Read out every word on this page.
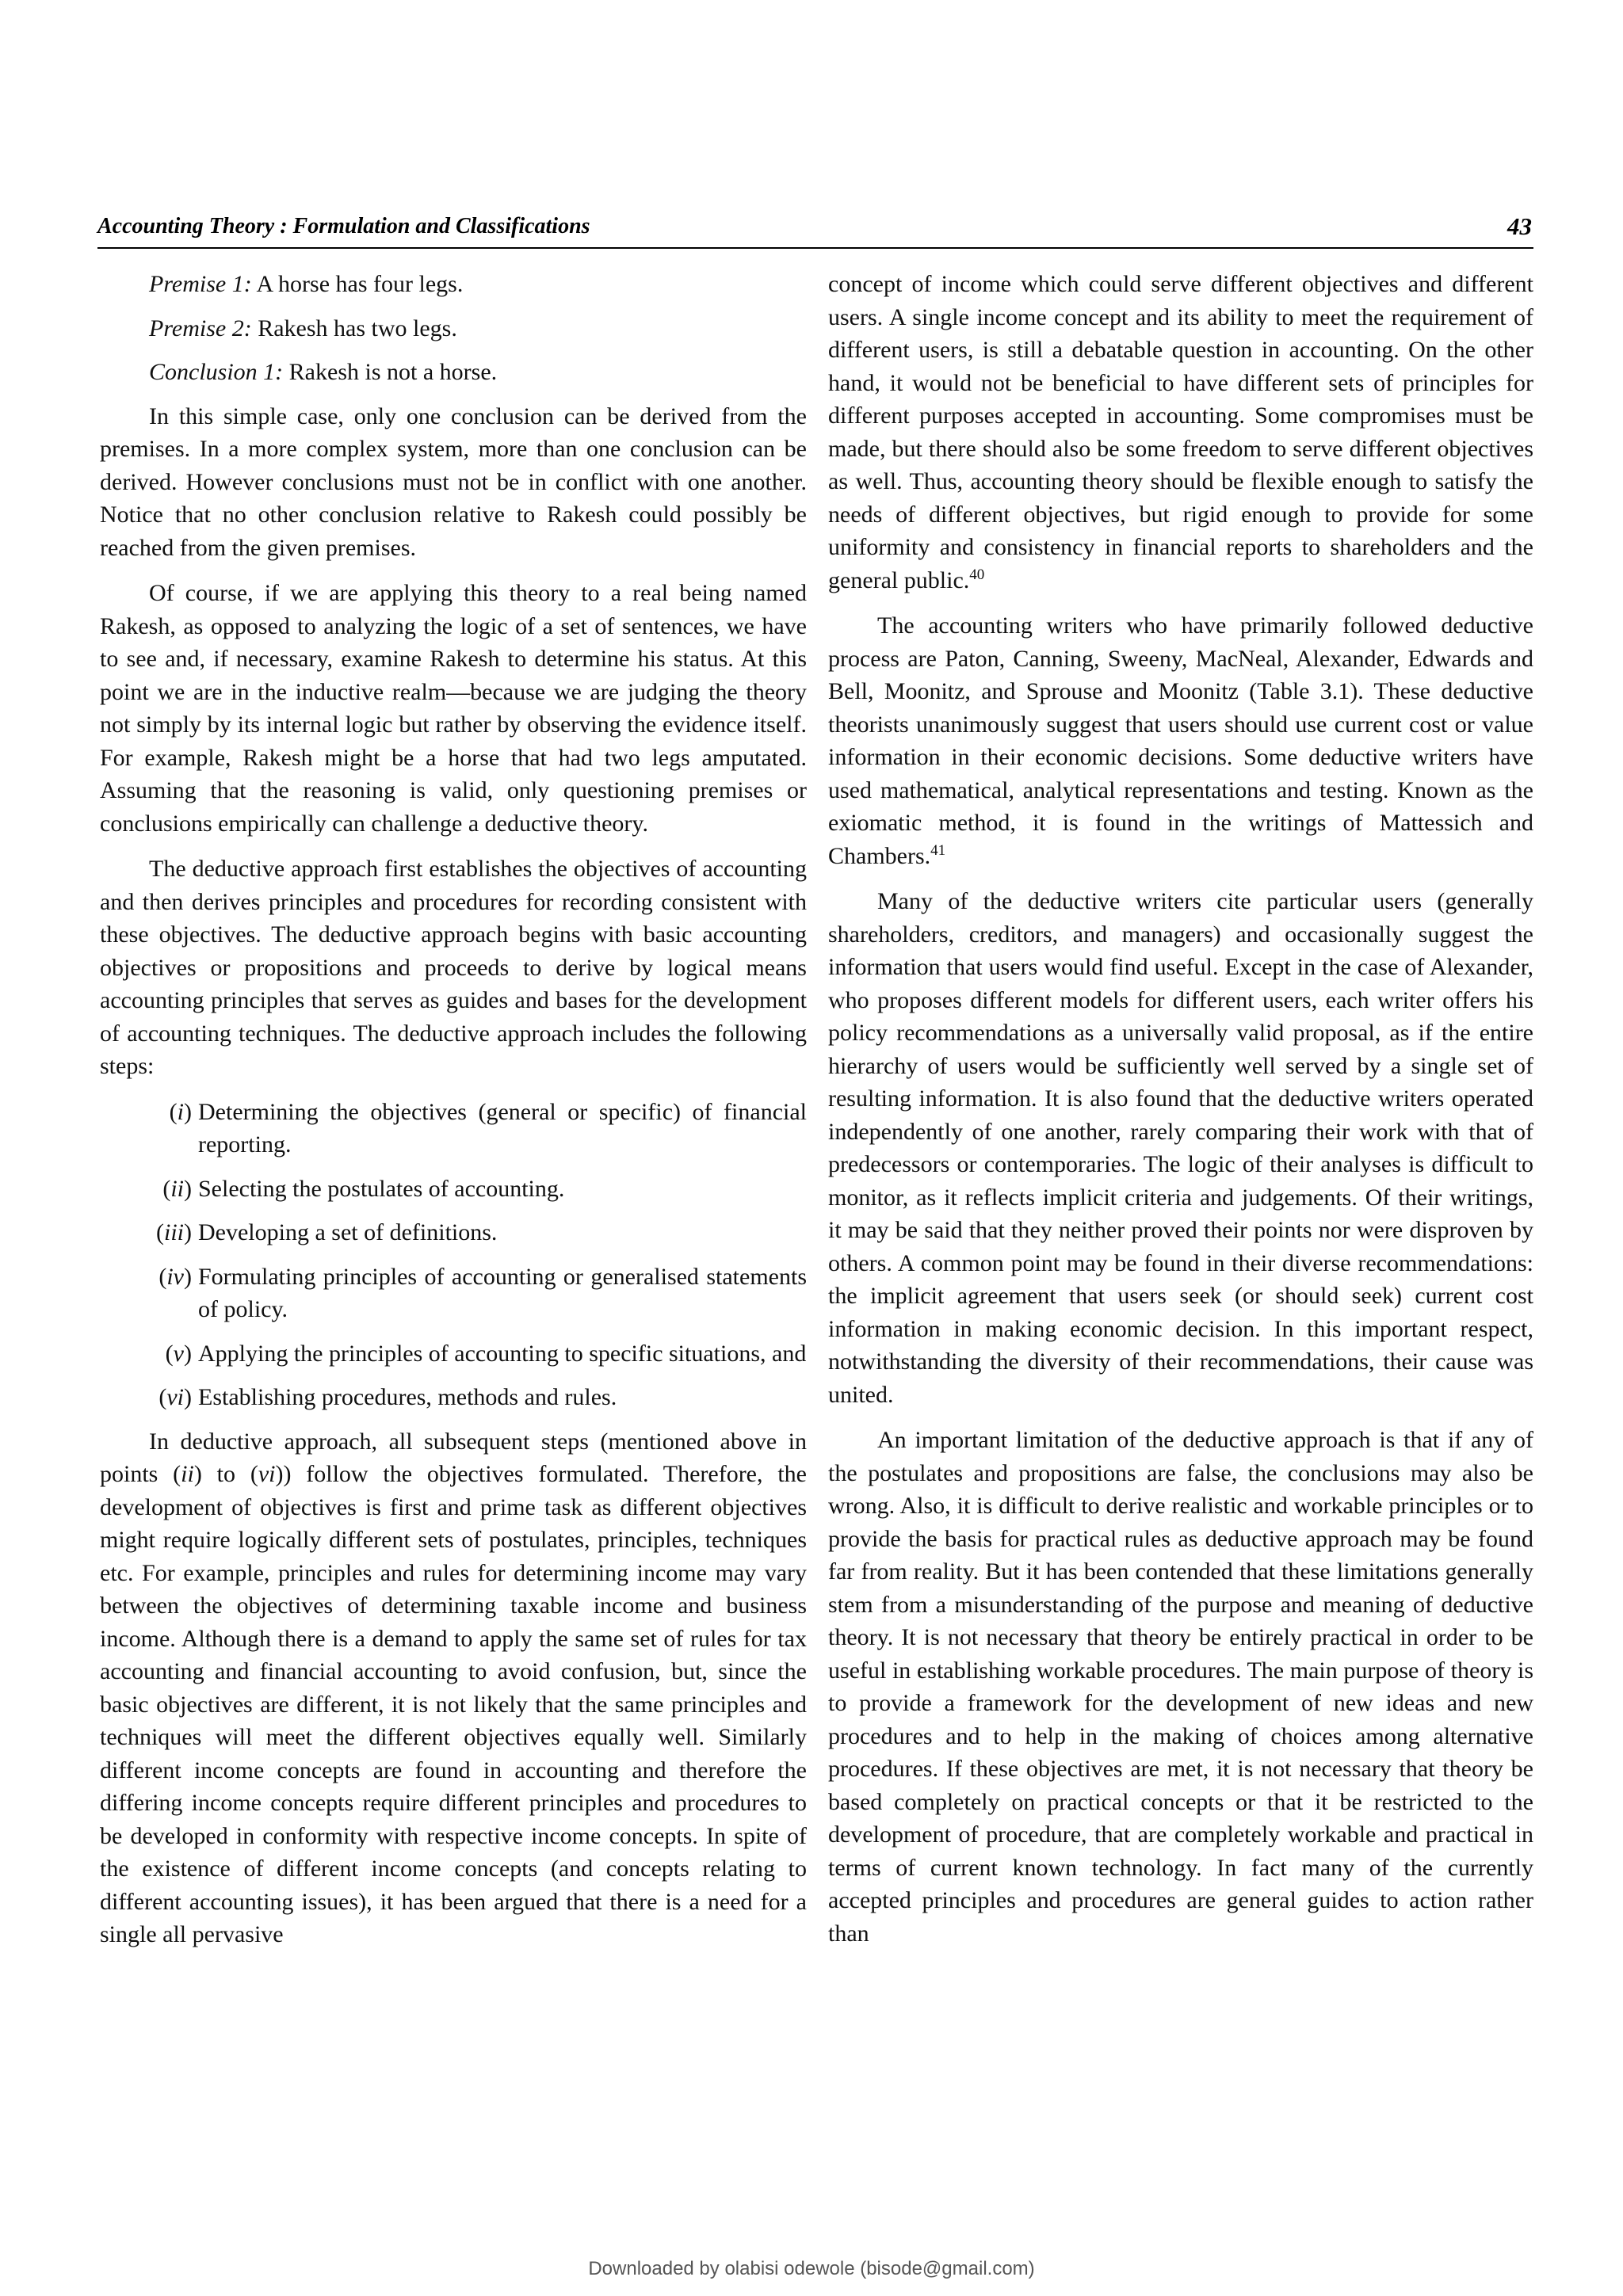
Accounting Theory : Formulation and Classifications	43
Premise 1: A horse has four legs.
Premise 2: Rakesh has two legs.
Conclusion 1: Rakesh is not a horse.

In this simple case, only one conclusion can be derived from the premises. In a more complex system, more than one conclusion can be derived. However conclusions must not be in conflict with one another. Notice that no other conclusion relative to Rakesh could possibly be reached from the given premises.

Of course, if we are applying this theory to a real being named Rakesh, as opposed to analyzing the logic of a set of sentences, we have to see and, if necessary, examine Rakesh to determine his status. At this point we are in the inductive realm—because we are judging the theory not simply by its internal logic but rather by observing the evidence itself. For example, Rakesh might be a horse that had two legs amputated. Assuming that the reasoning is valid, only questioning premises or conclusions empirically can challenge a deductive theory.

The deductive approach first establishes the objectives of accounting and then derives principles and procedures for recording consistent with these objectives. The deductive approach begins with basic accounting objectives or propositions and proceeds to derive by logical means accounting principles that serves as guides and bases for the development of accounting techniques. The deductive approach includes the following steps:

(i) Determining the objectives (general or specific) of financial reporting.
(ii) Selecting the postulates of accounting.
(iii) Developing a set of definitions.
(iv) Formulating principles of accounting or generalised statements of policy.
(v) Applying the principles of accounting to specific situations, and
(vi) Establishing procedures, methods and rules.

In deductive approach, all subsequent steps (mentioned above in points (ii) to (vi)) follow the objectives formulated. Therefore, the development of objectives is first and prime task as different objectives might require logically different sets of postulates, principles, techniques etc. For example, principles and rules for determining income may vary between the objectives of determining taxable income and business income. Although there is a demand to apply the same set of rules for tax accounting and financial accounting to avoid confusion, but, since the basic objectives are different, it is not likely that the same principles and techniques will meet the different objectives equally well. Similarly different income concepts are found in accounting and therefore the differing income concepts require different principles and procedures to be developed in conformity with respective income concepts. In spite of the existence of different income concepts (and concepts relating to different accounting issues), it has been argued that there is a need for a single all pervasive

concept of income which could serve different objectives and different users. A single income concept and its ability to meet the requirement of different users, is still a debatable question in accounting. On the other hand, it would not be beneficial to have different sets of principles for different purposes accepted in accounting. Some compromises must be made, but there should also be some freedom to serve different objectives as well. Thus, accounting theory should be flexible enough to satisfy the needs of different objectives, but rigid enough to provide for some uniformity and consistency in financial reports to shareholders and the general public.$^{40}$

The accounting writers who have primarily followed deductive process are Paton, Canning, Sweeny, MacNeal, Alexander, Edwards and Bell, Moonitz, and Sprouse and Moonitz (Table 3.1). These deductive theorists unanimously suggest that users should use current cost or value information in their economic decisions. Some deductive writers have used mathematical, analytical representations and testing. Known as the exiomatic method, it is found in the writings of Mattessich and Chambers.$^{41}$

Many of the deductive writers cite particular users (generally shareholders, creditors, and managers) and occasionally suggest the information that users would find useful. Except in the case of Alexander, who proposes different models for different users, each writer offers his policy recommendations as a universally valid proposal, as if the entire hierarchy of users would be sufficiently well served by a single set of resulting information. It is also found that the deductive writers operated independently of one another, rarely comparing their work with that of predecessors or contemporaries. The logic of their analyses is difficult to monitor, as it reflects implicit criteria and judgements. Of their writings, it may be said that they neither proved their points nor were disproven by others. A common point may be found in their diverse recommendations: the implicit agreement that users seek (or should seek) current cost information in making economic decision. In this important respect, notwithstanding the diversity of their recommendations, their cause was united.

An important limitation of the deductive approach is that if any of the postulates and propositions are false, the conclusions may also be wrong. Also, it is difficult to derive realistic and workable principles or to provide the basis for practical rules as deductive approach may be found far from reality. But it has been contended that these limitations generally stem from a misunderstanding of the purpose and meaning of deductive theory. It is not necessary that theory be entirely practical in order to be useful in establishing workable procedures. The main purpose of theory is to provide a framework for the development of new ideas and new procedures and to help in the making of choices among alternative procedures. If these objectives are met, it is not necessary that theory be based completely on practical concepts or that it be restricted to the development of procedure, that are completely workable and practical in terms of current known technology. In fact many of the currently accepted principles and procedures are general guides to action rather than

Downloaded by olabisi odewole (bisode@gmail.com)
